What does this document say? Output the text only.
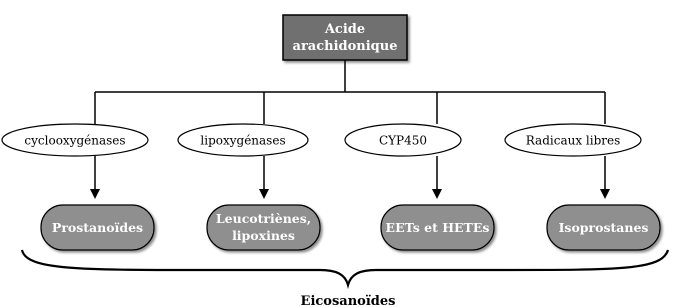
Acide
arachidonique
cyclooxygénases	lipoxygénases	CYP450	Radicaux libres
Prostanoïdes
Leucotriènes,
lipoxines
EETs et HETEs	Isoprostanes
Eicosanoïdes
